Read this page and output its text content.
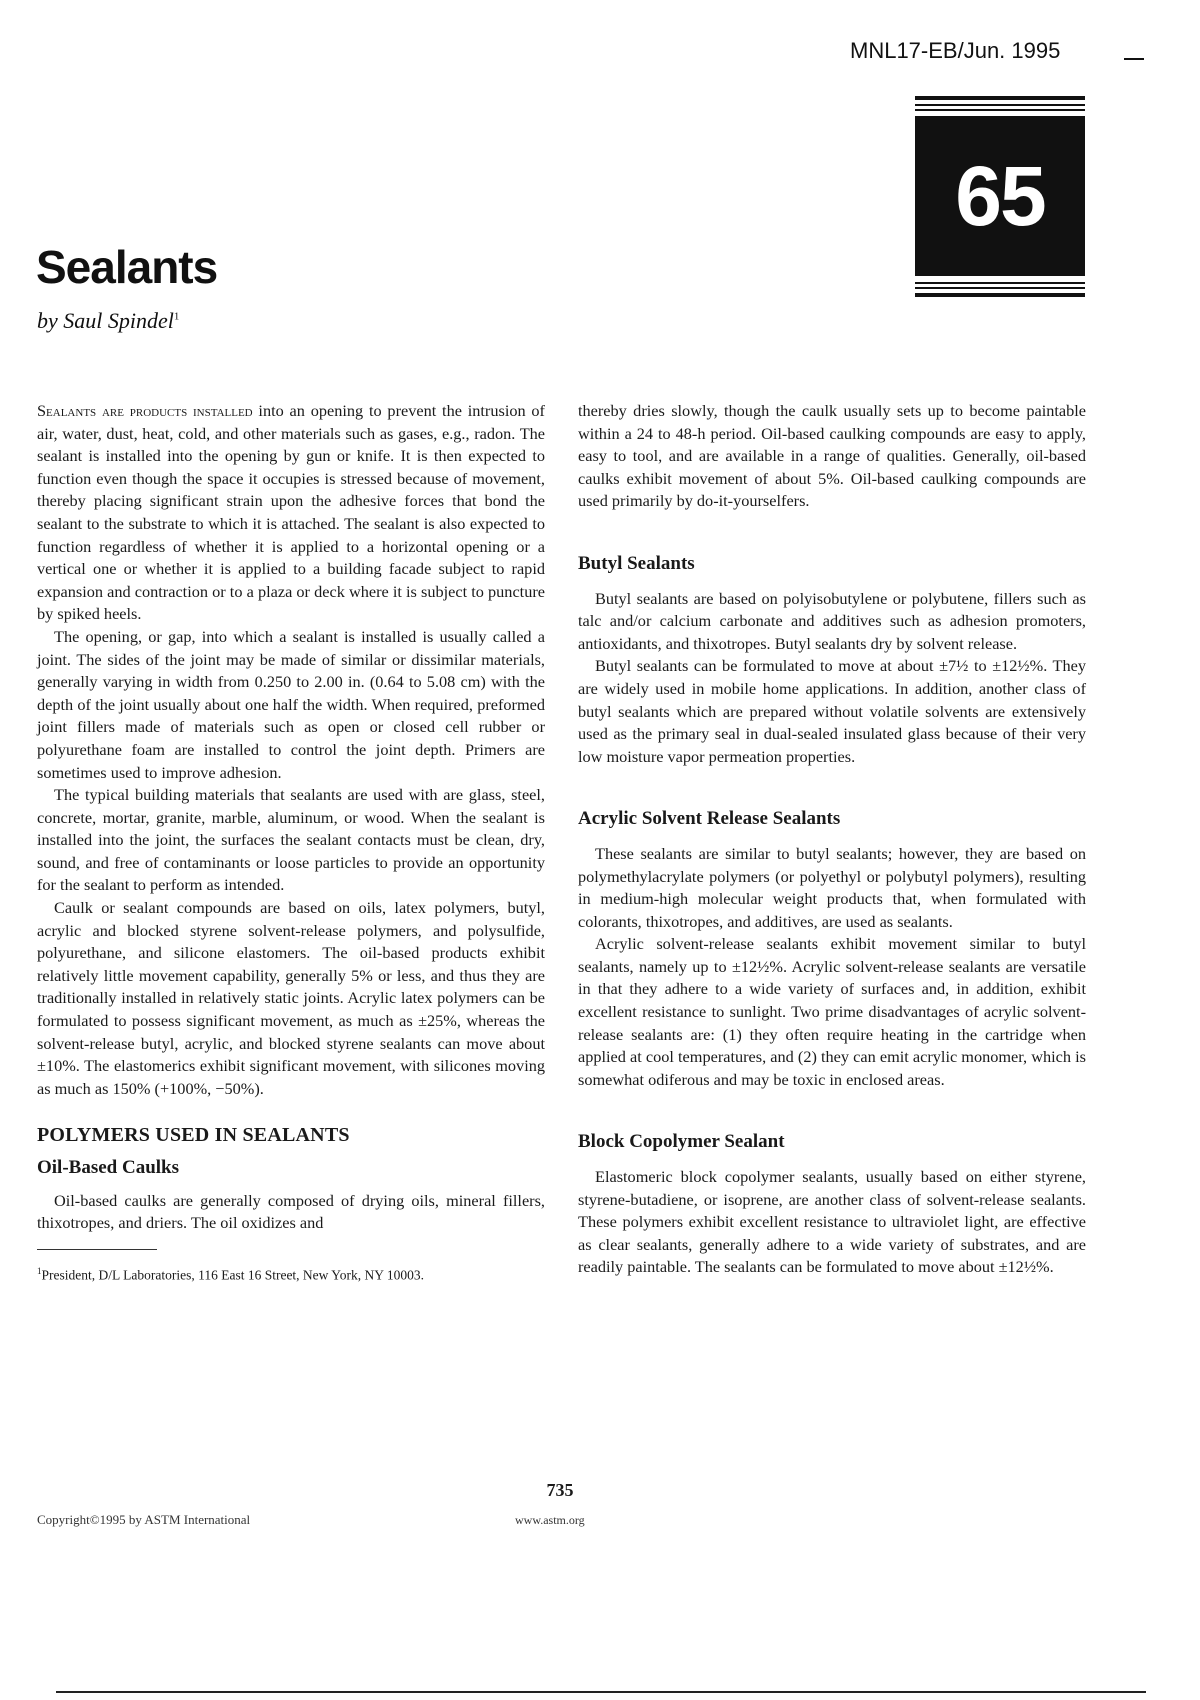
MNL17-EB/Jun. 1995
65
Sealants
by Saul Spindel$^1$

Sealants are products installed into an opening to prevent the intrusion of air, water, dust, heat, cold, and other materials such as gases, e.g., radon. The sealant is installed into the opening by gun or knife. It is then expected to function even though the space it occupies is stressed because of movement, thereby placing significant strain upon the adhesive forces that bond the sealant to the substrate to which it is attached. The sealant is also expected to function regardless of whether it is applied to a horizontal opening or a vertical one or whether it is applied to a building facade subject to rapid expansion and contraction or to a plaza or deck where it is subject to puncture by spiked heels.

The opening, or gap, into which a sealant is installed is usually called a joint. The sides of the joint may be made of similar or dissimilar materials, generally varying in width from 0.250 to 2.00 in. (0.64 to 5.08 cm) with the depth of the joint usually about one half the width. When required, preformed joint fillers made of materials such as open or closed cell rubber or polyurethane foam are installed to control the joint depth. Primers are sometimes used to improve adhesion.

The typical building materials that sealants are used with are glass, steel, concrete, mortar, granite, marble, aluminum, or wood. When the sealant is installed into the joint, the surfaces the sealant contacts must be clean, dry, sound, and free of contaminants or loose particles to provide an opportunity for the sealant to perform as intended.

Caulk or sealant compounds are based on oils, latex polymers, butyl, acrylic and blocked styrene solvent-release polymers, and polysulfide, polyurethane, and silicone elastomers. The oil-based products exhibit relatively little movement capability, generally 5% or less, and thus they are traditionally installed in relatively static joints. Acrylic latex polymers can be formulated to possess significant movement, as much as ±25%, whereas the solvent-release butyl, acrylic, and blocked styrene sealants can move about ±10%. The elastomerics exhibit significant movement, with silicones moving as much as 150% (+100%, −50%).

POLYMERS USED IN SEALANTS
Oil-Based Caulks

Oil-based caulks are generally composed of drying oils, mineral fillers, thixotropes, and driers. The oil oxidizes and

$^1$President, D/L Laboratories, 116 East 16 Street, New York, NY 10003.

thereby dries slowly, though the caulk usually sets up to become paintable within a 24 to 48-h period. Oil-based caulking compounds are easy to apply, easy to tool, and are available in a range of qualities. Generally, oil-based caulks exhibit movement of about 5%. Oil-based caulking compounds are used primarily by do-it-yourselfers.

Butyl Sealants

Butyl sealants are based on polyisobutylene or polybutene, fillers such as talc and/or calcium carbonate and additives such as adhesion promoters, antioxidants, and thixotropes. Butyl sealants dry by solvent release.

Butyl sealants can be formulated to move at about ±7½ to ±12½%. They are widely used in mobile home applications. In addition, another class of butyl sealants which are prepared without volatile solvents are extensively used as the primary seal in dual-sealed insulated glass because of their very low moisture vapor permeation properties.

Acrylic Solvent Release Sealants

These sealants are similar to butyl sealants; however, they are based on polymethylacrylate polymers (or polyethyl or polybutyl polymers), resulting in medium-high molecular weight products that, when formulated with colorants, thixotropes, and additives, are used as sealants.

Acrylic solvent-release sealants exhibit movement similar to butyl sealants, namely up to ±12½%. Acrylic solvent-release sealants are versatile in that they adhere to a wide variety of surfaces and, in addition, exhibit excellent resistance to sunlight. Two prime disadvantages of acrylic solvent-release sealants are: (1) they often require heating in the cartridge when applied at cool temperatures, and (2) they can emit acrylic monomer, which is somewhat odiferous and may be toxic in enclosed areas.

Block Copolymer Sealant

Elastomeric block copolymer sealants, usually based on either styrene, styrene-butadiene, or isoprene, are another class of solvent-release sealants. These polymers exhibit excellent resistance to ultraviolet light, are effective as clear sealants, generally adhere to a wide variety of substrates, and are readily paintable. The sealants can be formulated to move about ±12½%.

735
Copyright©1995 by ASTM International	www.astm.org
